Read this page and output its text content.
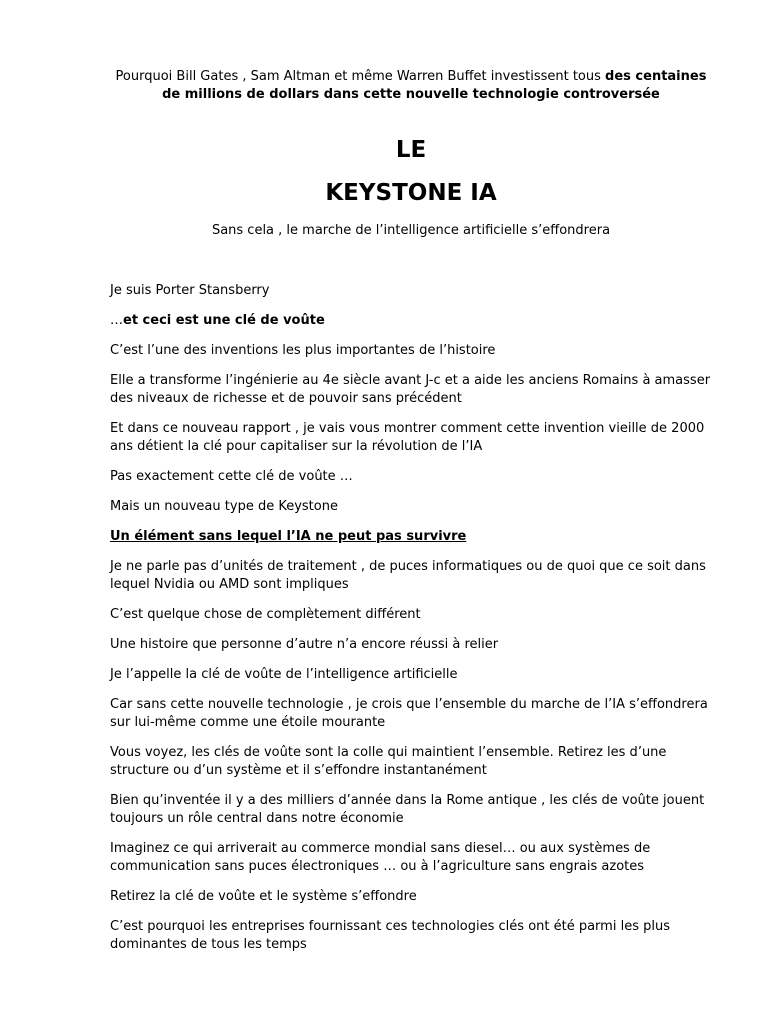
Pourquoi Bill Gates , Sam Altman et même Warren Buffet investissent tous des centaines de millions de dollars dans cette nouvelle technologie controversée
LE
KEYSTONE IA
Sans cela , le marche de l’intelligence artificielle s’effondrera

Je suis Porter Stansberry

…et ceci est une clé de voûte

C’est l’une des inventions les plus importantes de l’histoire

Elle a transforme l’ingénierie au 4e siècle avant J-c et a aide les anciens Romains à amasser des niveaux de richesse et de pouvoir sans précédent

Et dans ce nouveau rapport , je vais vous montrer comment cette invention vieille de 2000 ans détient la clé pour capitaliser sur la révolution de l’IA

Pas exactement cette clé de voûte …

Mais un nouveau type de Keystone

Un élément sans lequel l’IA ne peut pas survivre

Je ne parle pas d’unités de traitement , de puces informatiques ou de quoi que ce soit dans lequel Nvidia ou AMD sont impliques

C’est quelque chose de complètement différent

Une histoire que personne d’autre n’a encore réussi à relier

Je l’appelle la clé de voûte de l’intelligence artificielle

Car sans cette nouvelle technologie , je crois que l’ensemble du marche de l’IA s’effondrera sur lui-même comme une étoile mourante

Vous voyez, les clés de voûte sont la colle qui maintient l’ensemble. Retirez les d’une structure ou d’un système et il s’effondre instantanément

Bien qu’inventée il y a des milliers d’année dans la Rome antique , les clés de voûte jouent toujours un rôle central dans notre économie

Imaginez ce qui arriverait au commerce mondial sans diesel… ou aux systèmes de communication sans puces électroniques … ou à l’agriculture sans engrais azotes

Retirez la clé de voûte et le système s’effondre

C’est pourquoi les entreprises fournissant ces technologies clés ont été parmi les plus dominantes de tous les temps
